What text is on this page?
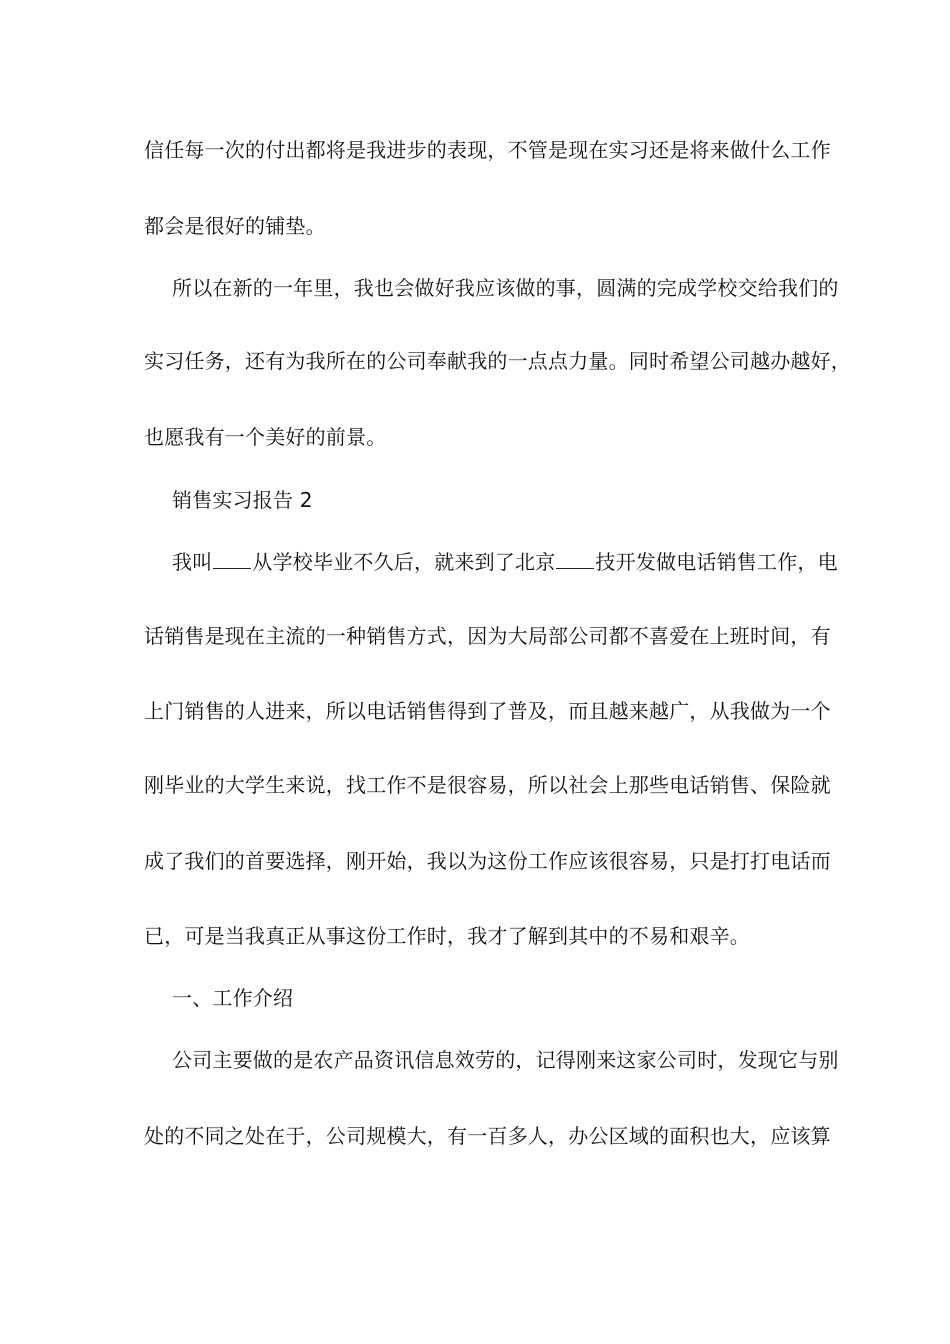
信任每一次的付出都将是我进步的表现，不管是现在实习还是将来做什么工作
都会是很好的铺垫。
所以在新的一年里，我也会做好我应该做的事，圆满的完成学校交给我们的
实习任务，还有为我所在的公司奉献我的一点点力量。同时希望公司越办越好，
也愿我有一个美好的前景。
销售实习报告 2
我叫 从学校毕业不久后，就来到了北京 技开发做电话销售工作，电
话销售是现在主流的一种销售方式，因为大局部公司都不喜爱在上班时间，有
上门销售的人进来，所以电话销售得到了普及，而且越来越广，从我做为一个
刚毕业的大学生来说，找工作不是很容易，所以社会上那些电话销售、保险就
成了我们的首要选择，刚开始，我以为这份工作应该很容易，只是打打电话而
已，可是当我真正从事这份工作时，我才了解到其中的不易和艰辛。
一、工作介绍
公司主要做的是农产品资讯信息效劳的，记得刚来这家公司时，发现它与别
处的不同之处在于，公司规模大，有一百多人，办公区域的面积也大，应该算
